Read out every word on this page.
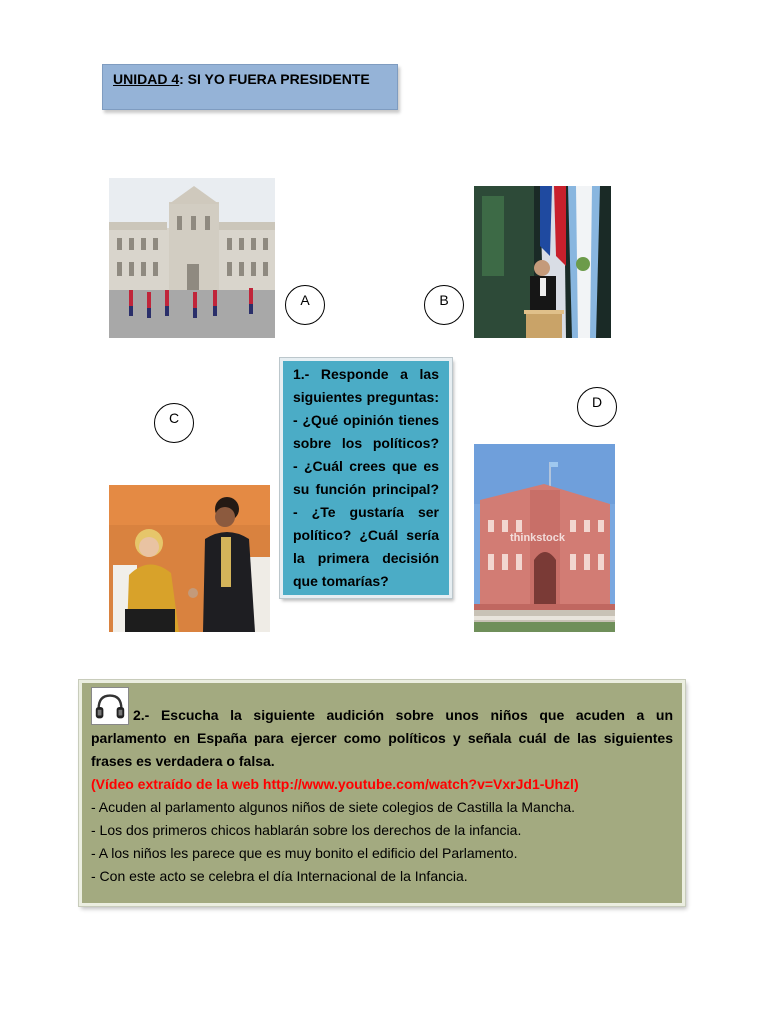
UNIDAD 4: SI YO FUERA PRESIDENTE
A	B
C
D
1.- Responde a las
siguientes preguntas:
- ¿Qué opinión tienes
sobre los políticos?
- ¿Cuál crees que es
su función principal?
- ¿Te gustaría ser
político? ¿Cuál sería
la primera decisión
que tomarías?
thinkstock
2.- Escucha la siguiente audición sobre unos niños que acuden a un
parlamento en España para ejercer como políticos y señala cuál de las siguientes
frases es verdadera o falsa.
(Vídeo extraído de la web http://www.youtube.com/watch?v=VxrJd1-Uhzl)
- Acuden al parlamento algunos niños de siete colegios de Castilla la Mancha.
- Los dos primeros chicos hablarán sobre los derechos de la infancia.
- A los niños les parece que es muy bonito el edificio del Parlamento.
- Con este acto se celebra el día Internacional de la Infancia.
